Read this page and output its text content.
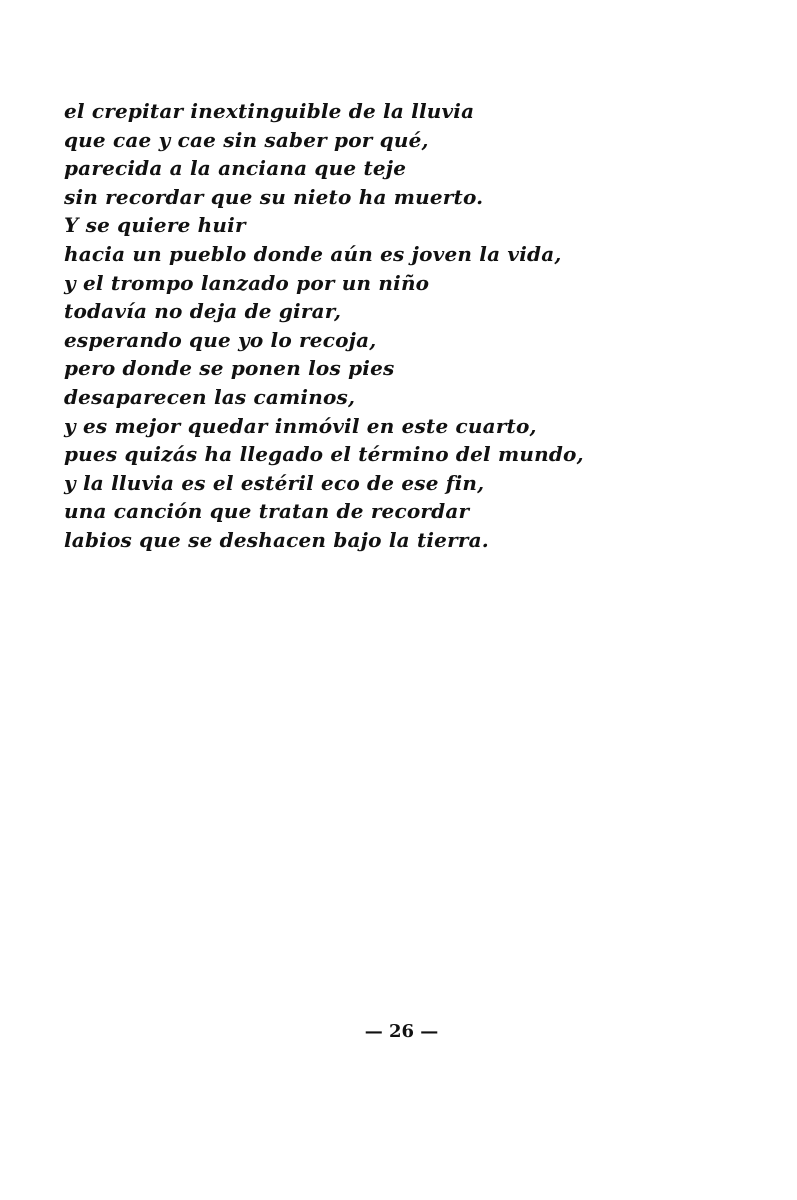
el crepitar inextinguible de la lluvia
que cae y cae sin saber por qué,
parecida a la anciana que teje
sin recordar que su nieto ha muerto.
Y se quiere huir
hacia un pueblo donde aún es joven la vida,
y el trompo lanzado por un niño
todavía no deja de girar,
esperando que yo lo recoja,
pero donde se ponen los pies
desaparecen las caminos,
y es mejor quedar inmóvil en este cuarto,
pues quizás ha llegado el término del mundo,
y la lluvia es el estéril eco de ese fin,
una canción que tratan de recordar
labios que se deshacen bajo la tierra.
— 26 —
